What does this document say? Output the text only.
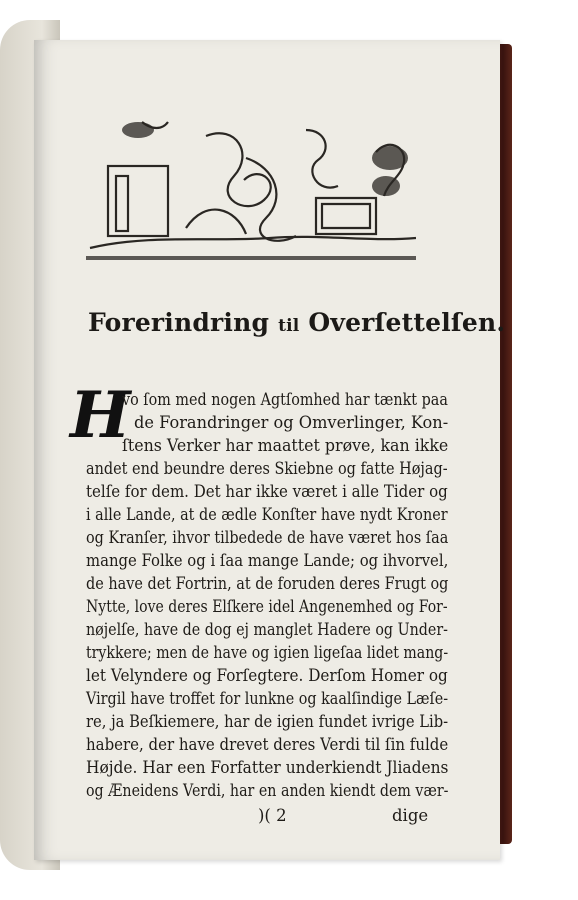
Forerindring til Overſettelſen.
H
vo ſom med nogen Agtſomhed har tænkt paa
de Forandringer og Omverlinger, Kon-
ſtens Verker har maattet prøve, kan ikke
andet end beundre deres Skiebne og fatte Højag-
telſe for dem. Det har ikke været i alle Tider og
i alle Lande, at de ædle Konſter have nydt Kroner
og Kranſer, ihvor tilbedede de have været hos ſaa
mange Folke og i ſaa mange Lande; og ihvorvel,
de have det Fortrin, at de foruden deres Frugt og
Nytte, love deres Elſkere idel Angenemhed og For-
nøjelſe, have de dog ej manglet Hadere og Under-
trykkere; men de have og igien ligeſaa lidet mang-
let Velyndere og Forſegtere. Derſom Homer og
Virgil have troffet for lunkne og kaalſindige Læſe-
re, ja Beſkiemere, har de igien fundet ivrige Lib-
habere, der have drevet deres Verdi til ſin fulde
Højde. Har een Forfatter underkiendt Jliadens
og Æneidens Verdi, har en anden kiendt dem vær-
)( 2	dige
